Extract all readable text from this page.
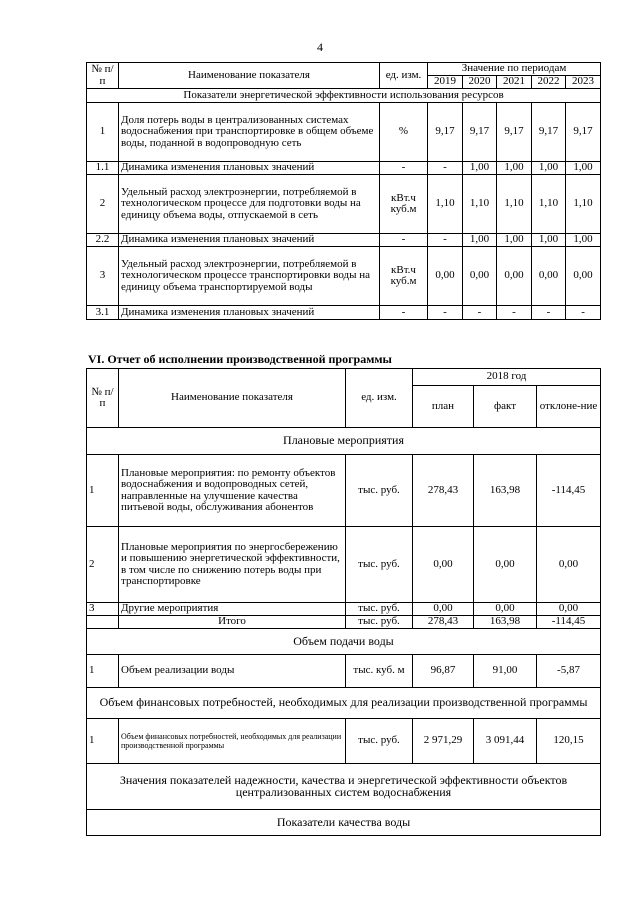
4
№ п/п	Наименование показателя	ед. изм.	Значение по периодам				
			2019	2020	2021	2022	2023
Показатели энергетической эффективности использования ресурсов							
1	Доля потерь воды в централизованных системах водоснабжения при транспортировке в общем объеме воды, поданной в водопроводную сеть	%	9,17	9,17	9,17	9,17	9,17
1.1	Динамика изменения плановых значений	-	-	1,00	1,00	1,00	1,00
2	Удельный расход электроэнергии, потребляемой в технологическом процессе для подготовки воды на единицу объема воды, отпускаемой в сеть	кВт.ч куб.м	1,10	1,10	1,10	1,10	1,10
2.2	Динамика изменения плановых значений	-	-	1,00	1,00	1,00	1,00
3	Удельный расход электроэнергии, потребляемой в технологическом процессе транспортировки воды на единицу объема транспортируемой воды	кВт.ч куб.м	0,00	0,00	0,00	0,00	0,00
3.1	Динамика изменения плановых значений	-	-	-	-	-	-
VI. Отчет об исполнении производственной программы
№ п/п	Наименование показателя	ед. изм.	2018 год		
			план	факт	отклоне-ние
Плановые мероприятия					
1	Плановые мероприятия: по ремонту объектов водоснабжения и водопроводных сетей, направленные на улучшение качества питьевой воды, обслуживания абонентов	тыс. руб.	278,43	163,98	-114,45
2	Плановые мероприятия по энергосбережению и повышению энергетической эффективности, в том числе по снижению потерь воды при транспортировке	тыс. руб.	0,00	0,00	0,00
3	Другие мероприятия	тыс. руб.	0,00	0,00	0,00
	Итого	тыс. руб.	278,43	163,98	-114,45
Объем подачи воды					
1	Объем реализации воды	тыс. куб. м	96,87	91,00	-5,87
Объем финансовых потребностей, необходимых для реализации производственной программы					
1	Объем финансовых потребностей, необходимых для реализации производственной программы	тыс. руб.	2 971,29	3 091,44	120,15
Значения показателей надежности, качества и энергетической эффективности объектов централизованных систем водоснабжения					
Показатели качества воды					
